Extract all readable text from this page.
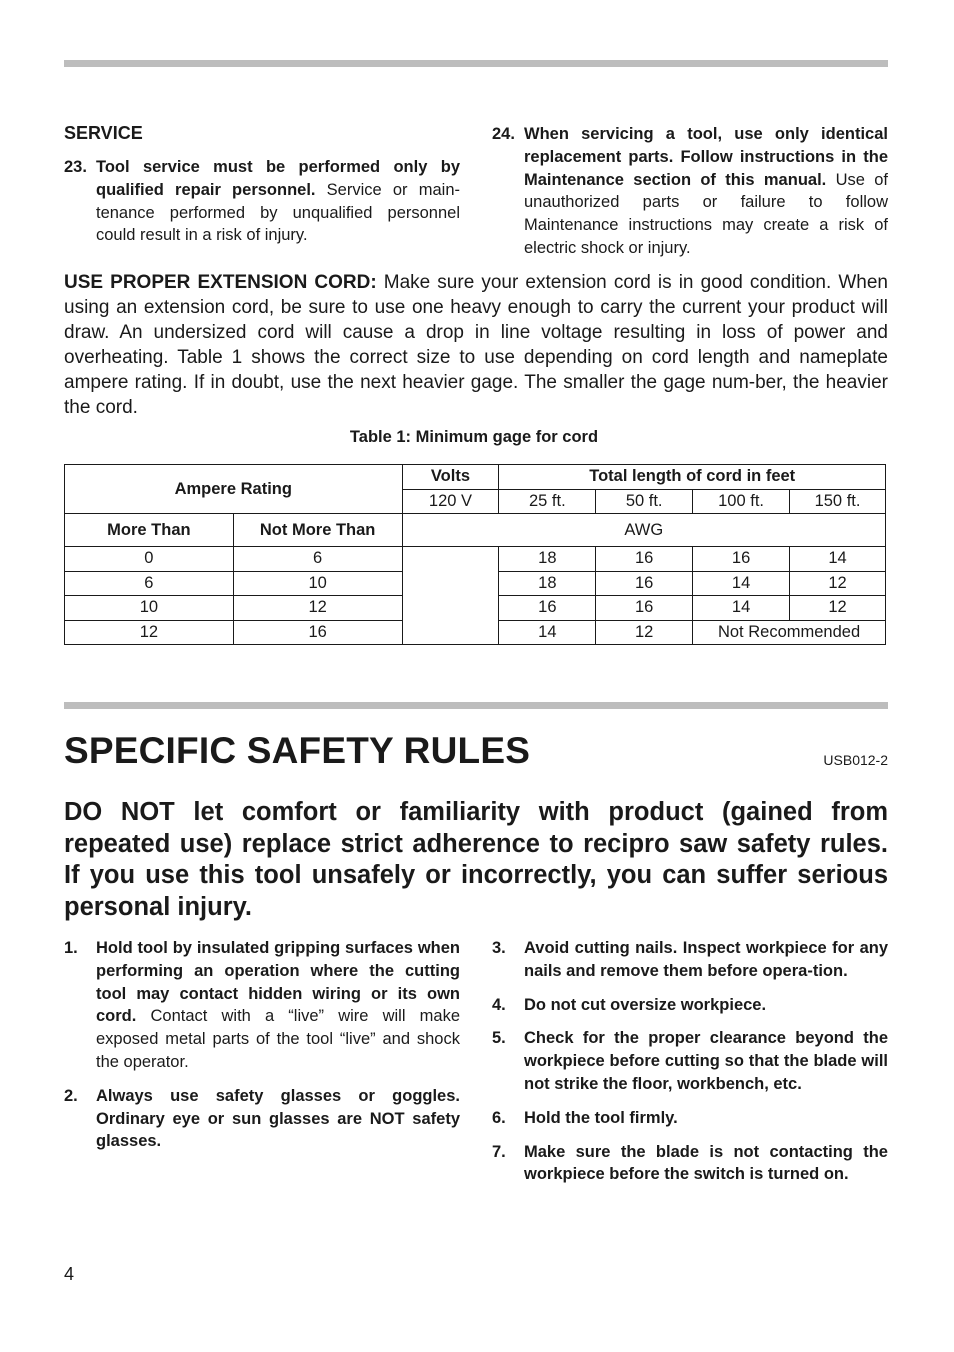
SERVICE
23. Tool service must be performed only by qualified repair personnel. Service or main-tenance performed by unqualified personnel could result in a risk of injury.
24. When servicing a tool, use only identical replacement parts. Follow instructions in the Maintenance section of this manual. Use of unauthorized parts or failure to follow Maintenance instructions may create a risk of electric shock or injury.

USE PROPER EXTENSION CORD: Make sure your extension cord is in good condition. When using an extension cord, be sure to use one heavy enough to carry the current your product will draw. An undersized cord will cause a drop in line voltage resulting in loss of power and overheating. Table 1 shows the correct size to use depending on cord length and nameplate ampere rating. If in doubt, use the next heavier gage. The smaller the gage num-ber, the heavier the cord.

Table 1: Minimum gage for cord
Ampere Rating		Volts	Total length of cord in feet			
		120 V	25 ft.	50 ft.	100 ft.	150 ft.
More Than	Not More Than	AWG				
0	6		18	16	16	14
6	10		18	16	14	12
10	12		16	16	14	12
12	16		14	12	Not Recommended	
SPECIFIC SAFETY RULES	USB012-2

DO NOT let comfort or familiarity with product (gained from repeated use) replace strict adherence to recipro saw safety rules. If you use this tool unsafely or incorrectly, you can suffer serious personal injury.

1.	Hold tool by insulated gripping surfaces when performing an operation where the cutting tool may contact hidden wiring or its own cord. Contact with a “live” wire will make exposed metal parts of the tool “live” and shock the operator.
2.	Always use safety glasses or goggles. Ordinary eye or sun glasses are NOT safety glasses.
3.	Avoid cutting nails. Inspect workpiece for any nails and remove them before opera-tion.
4.	Do not cut oversize workpiece.
5.	Check for the proper clearance beyond the workpiece before cutting so that the blade will not strike the floor, workbench, etc.
6.	Hold the tool firmly.
7.	Make sure the blade is not contacting the workpiece before the switch is turned on.
4
